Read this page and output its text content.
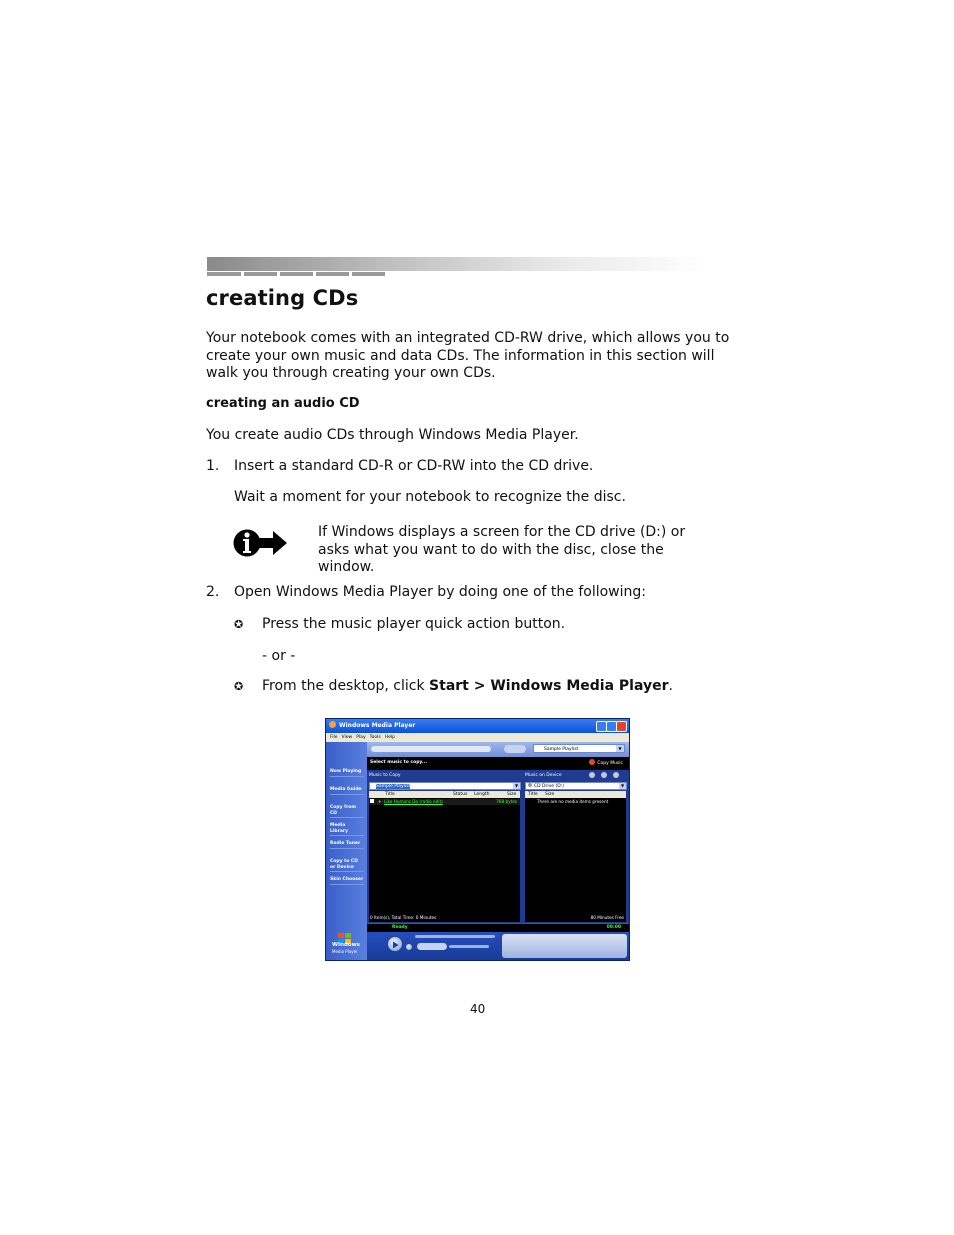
creating CDs
Your notebook comes with an integrated CD-RW drive, which allows you to create your own music and data CDs. The information in this section will walk you through creating your own CDs.
creating an audio CD
You create audio CDs through Windows Media Player.
1. Insert a standard CD-R or CD-RW into the CD drive.
Wait a moment for your notebook to recognize the disc.
If Windows displays a screen for the CD drive (D:) or asks what you want to do with the disc, close the window.
2. Open Windows Media Player by doing one of the following:
✪ Press the music player quick action button.
- or -
✪ From the desktop, click Start > Windows Media Player.
Windows Media Player
File View Play Tools Help
Now Playing
Media Guide
Copy from CD
Media Library
Radio Tuner
Copy to CD or Device
Skin Chooser
Windows
Media Player
Sample Playlist	▼
Select music to copy...	Copy Music
Music to Copy
Sample Playlist	▼
Title	Status Length	Size
+ Like Humans Do (radio edit)	768 bytes
0 Item(s), Total Time: 0 Minutes
Music on Device
CD Drive (D:)	▼
Title Size
There are no media items present
80 Minutes Free
Ready	00:00
40
